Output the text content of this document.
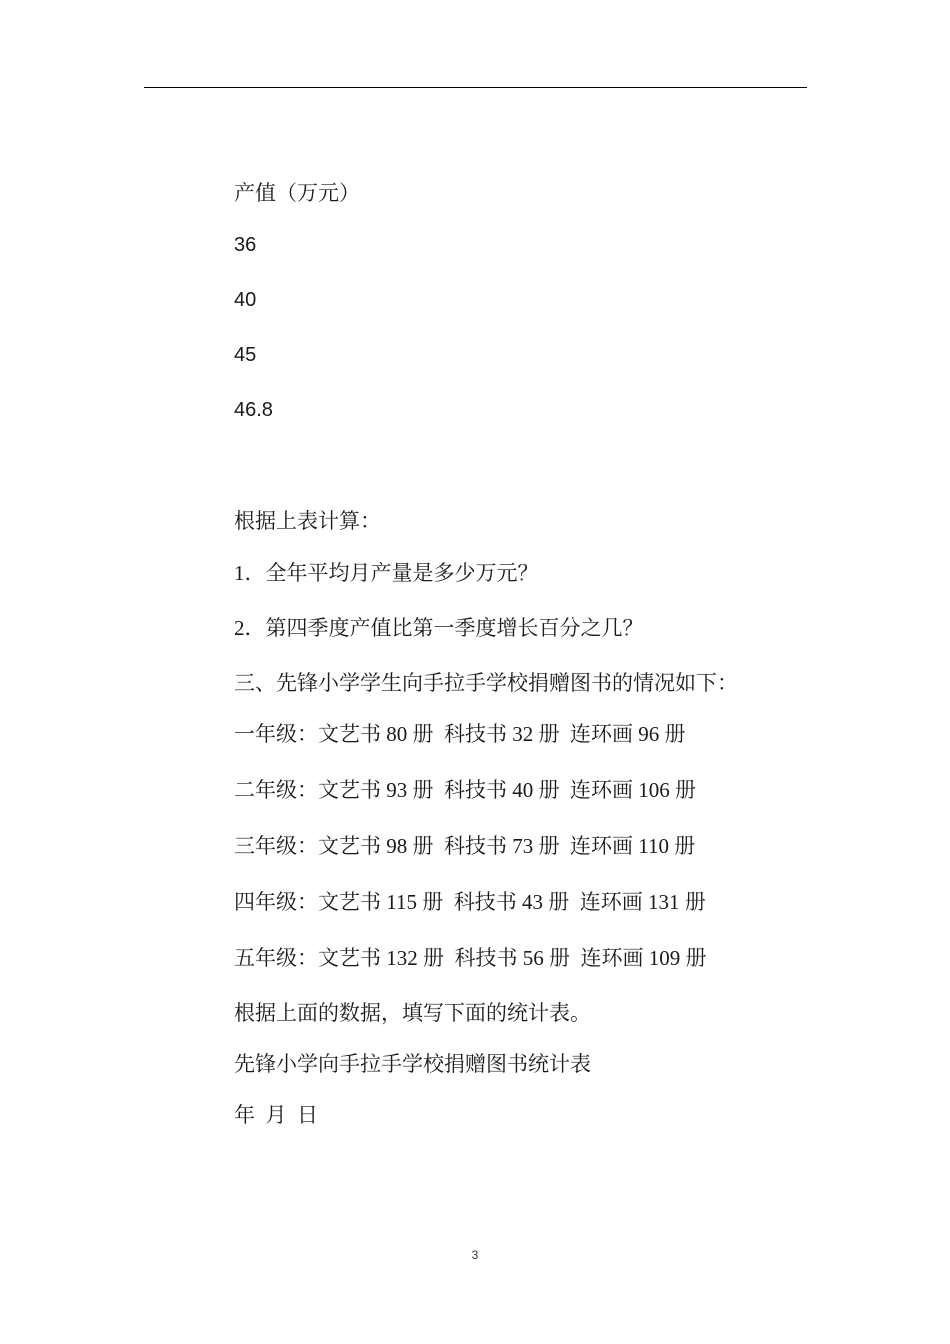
产值（万元）

36

40

45

46.8

根据上表计算：

1．全年平均月产量是多少万元？

2．第四季度产值比第一季度增长百分之几？

三、先锋小学学生向手拉手学校捐赠图书的情况如下：

一年级：文艺书 80 册  科技书 32 册  连环画 96 册

二年级：文艺书 93 册  科技书 40 册  连环画 106 册

三年级：文艺书 98 册  科技书 73 册  连环画 110 册

四年级：文艺书 115 册  科技书 43 册  连环画 131 册

五年级：文艺书 132 册  科技书 56 册  连环画 109 册

根据上面的数据，填写下面的统计表。

先锋小学向手拉手学校捐赠图书统计表

年  月  日

3
